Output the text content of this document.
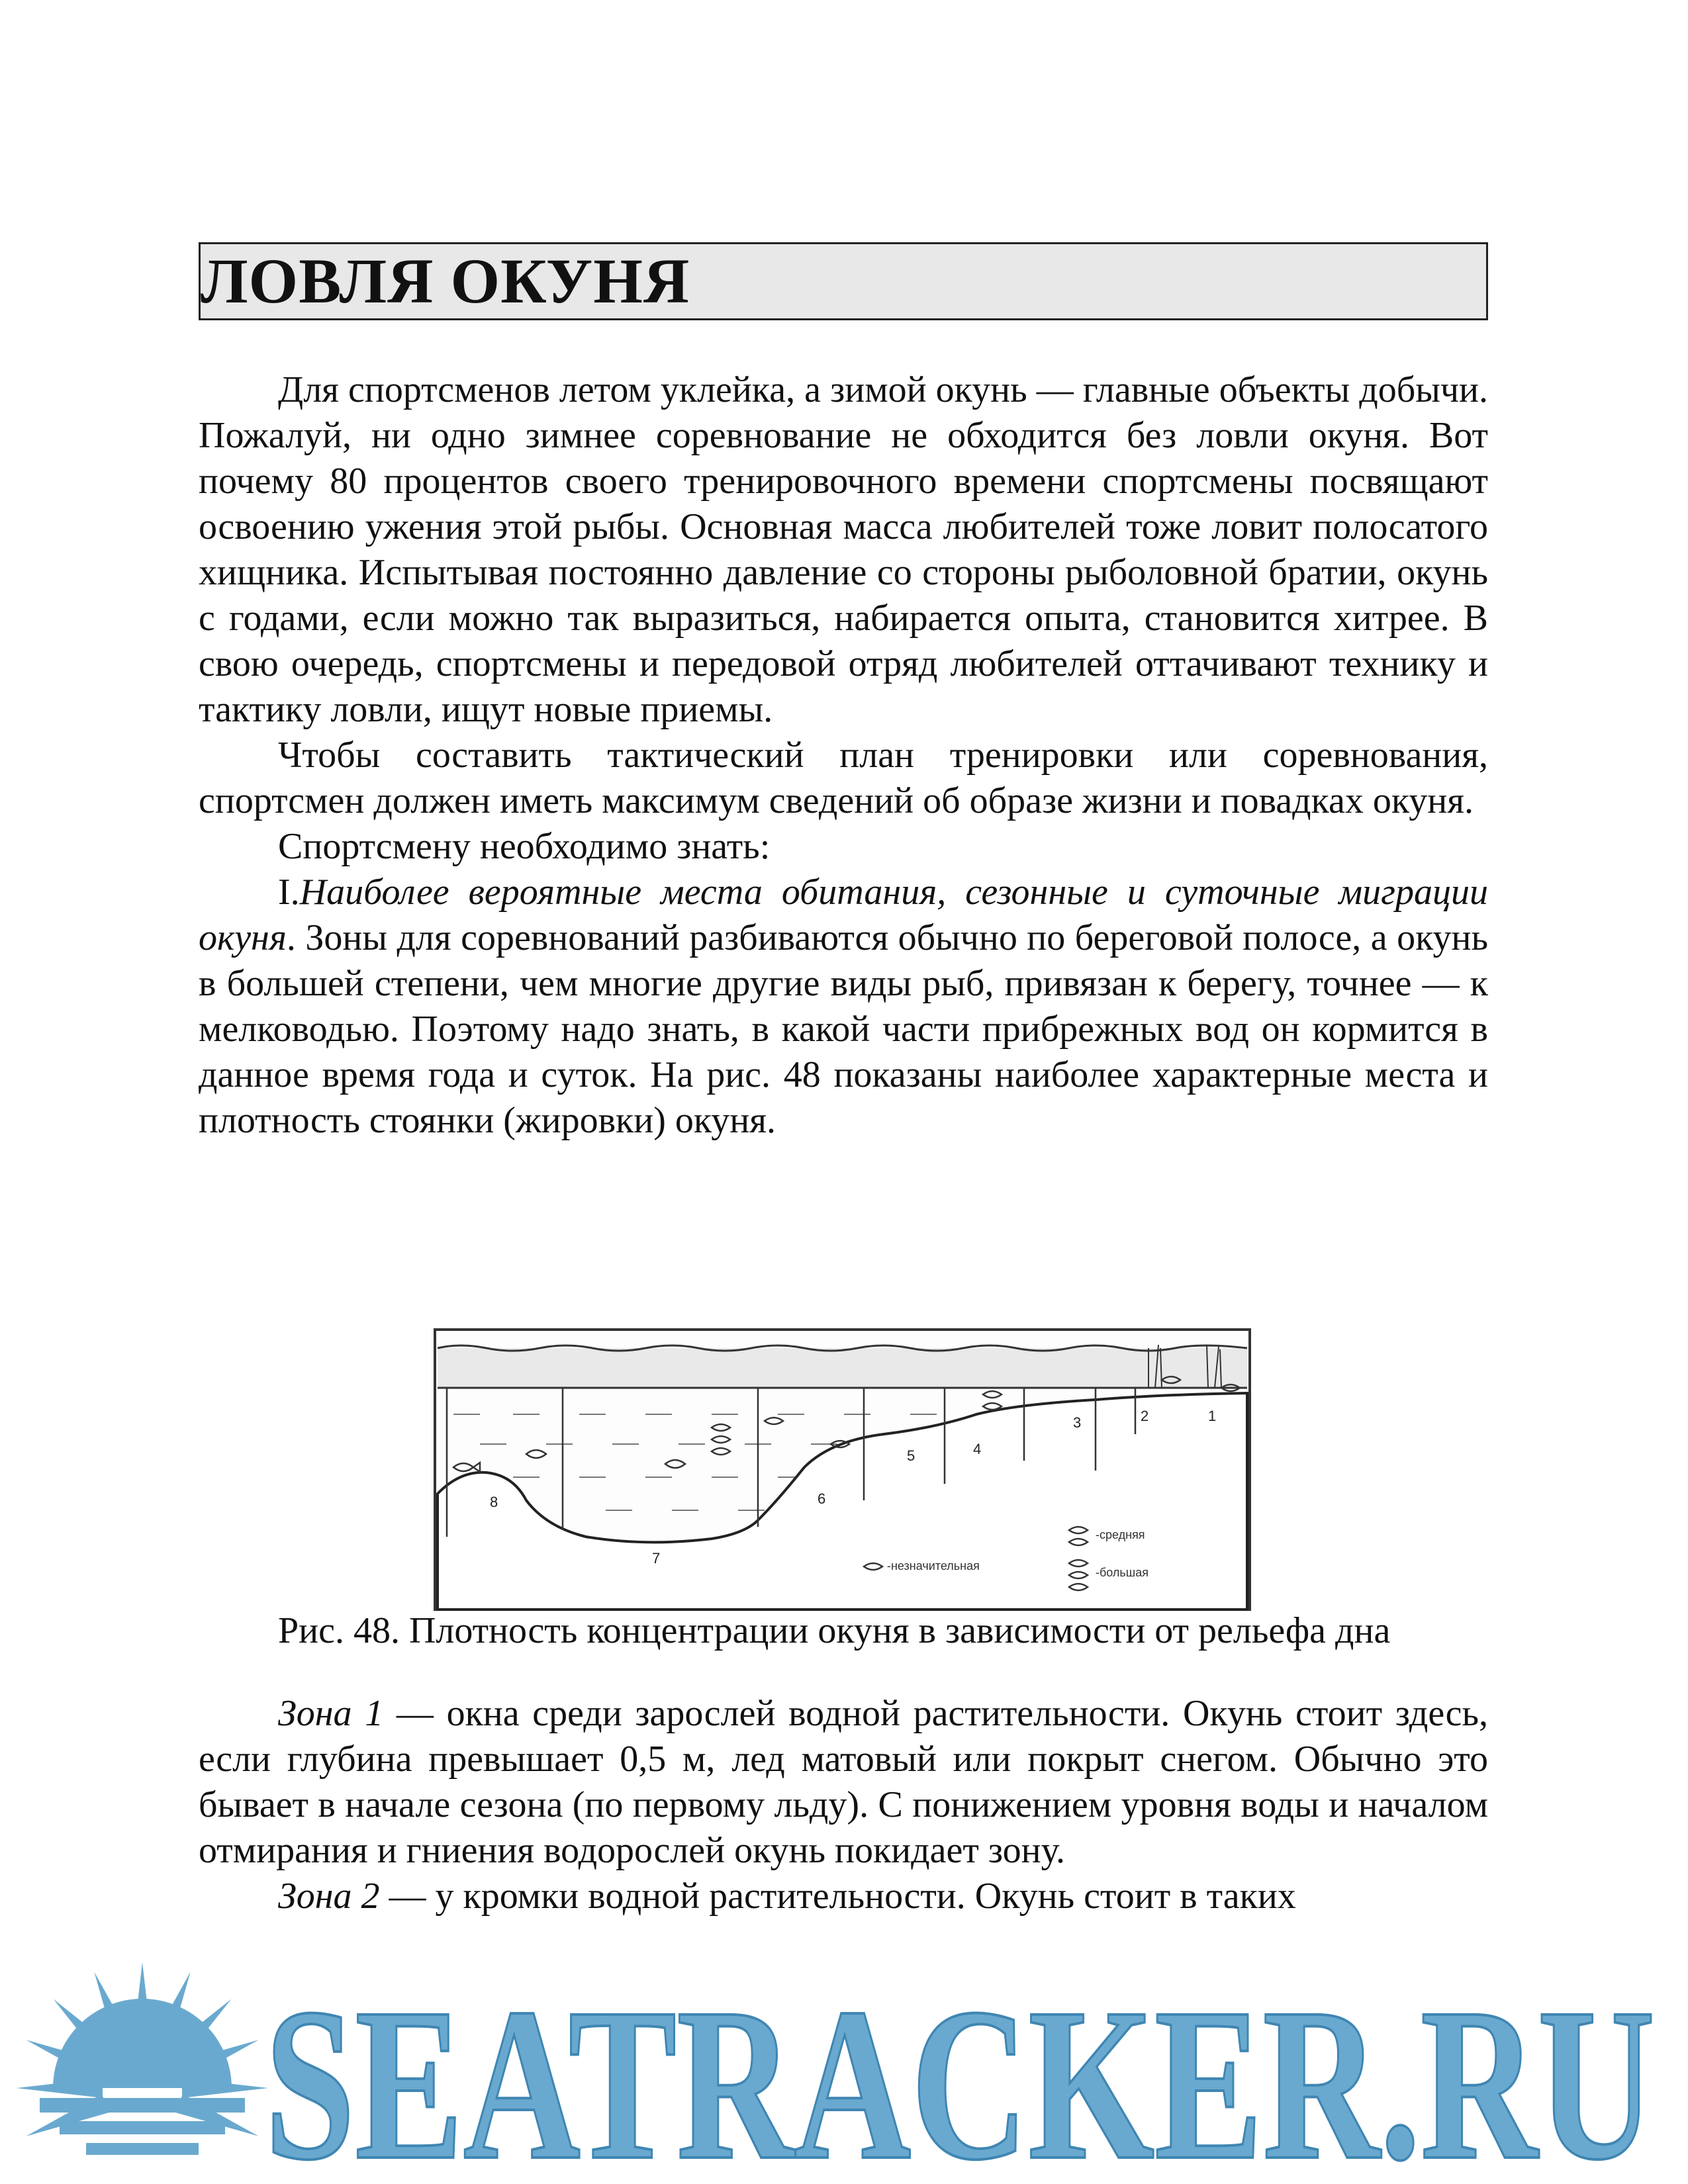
ЛОВЛЯ ОКУНЯ

Для спортсменов летом уклейка, а зимой окунь — главные объекты добычи. Пожалуй, ни одно зимнее соревнование не обходится без ловли окуня. Вот почему 80 процентов своего тренировочного времени спортсмены посвящают освоению ужения этой рыбы. Основная масса любителей тоже ловит полосатого хищника. Испытывая постоянно давление со стороны рыболовной братии, окунь с годами, если можно так выразиться, набирается опыта, становится хитрее. В свою очередь, спортсмены и передовой отряд любителей оттачивают технику и тактику ловли, ищут новые приемы.

Чтобы составить тактический план тренировки или соревнования, спортсмен должен иметь максимум сведений об образе жизни и повадках окуня.

Спортсмену необходимо знать:

I.Наиболее вероятные места обитания, сезонные и суточные миграции окуня. Зоны для соревнований разбиваются обычно по береговой полосе, а окунь в большей степени, чем многие другие виды рыб, привязан к берегу, точнее — к мелководью. Поэтому надо знать, в какой части прибрежных вод он кормится в данное время года и суток. На рис. 48 показаны наиболее характерные места и плотность стоянки (жировки) окуня.

1
2
3
4
5
6
7
8
-средняя
-большая
-незначительная
Рис. 48. Плотность концентрации окуня в зависимости от рельефа дна

Зона 1 — окна среди зарослей водной растительности. Окунь стоит здесь, если глубина превышает 0,5 м, лед матовый или покрыт снегом. Обычно это бывает в начале сезона (по первому льду). С понижением уровня воды и началом отмирания и гниения водорослей окунь покидает зону.

Зона 2 — у кромки водной растительности. Окунь стоит в таких

SEATRACKER.RU
